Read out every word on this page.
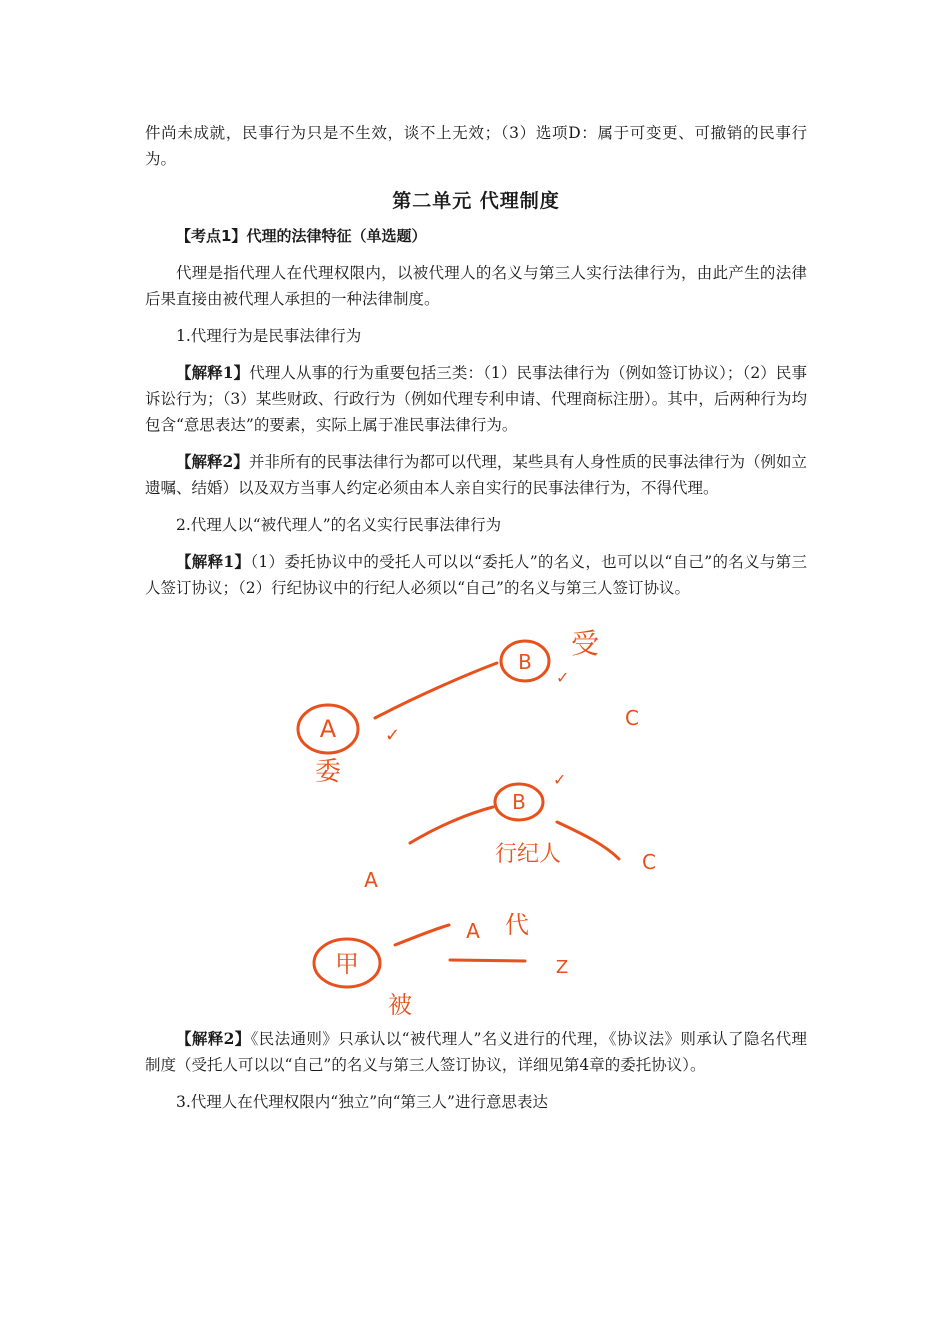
件尚未成就，民事行为只是不生效，谈不上无效；（3）选项D：属于可变更、可撤销的民事行为。

第二单元 代理制度

【考点1】代理的法律特征（单选题）

代理是指代理人在代理权限内，以被代理人的名义与第三人实行法律行为，由此产生的法律后果直接由被代理人承担的一种法律制度。

1.代理行为是民事法律行为

【解释1】代理人从事的行为重要包括三类：（1）民事法律行为（例如签订协议）；（2）民事诉讼行为；（3）某些财政、行政行为（例如代理专利申请、代理商标注册）。其中，后两种行为均包含“意思表达”的要素，实际上属于准民事法律行为。

【解释2】并非所有的民事法律行为都可以代理，某些具有人身性质的民事法律行为（例如立遗嘱、结婚）以及双方当事人约定必须由本人亲自实行的民事法律行为，不得代理。

2.代理人以“被代理人”的名义实行民事法律行为

【解释1】（1）委托协议中的受托人可以以“委托人”的名义，也可以以“自己”的名义与第三人签订协议；（2）行纪协议中的行纪人必须以“自己”的名义与第三人签订协议。

A
委
✓
B
✓
受
C
B
✓
A
行纪人	C
甲
被
A 代
Z

【解释2】《民法通则》只承认以“被代理人”名义进行的代理，《协议法》则承认了隐名代理制度（受托人可以以“自己”的名义与第三人签订协议，详细见第4章的委托协议）。

3.代理人在代理权限内“独立”向“第三人”进行意思表达
